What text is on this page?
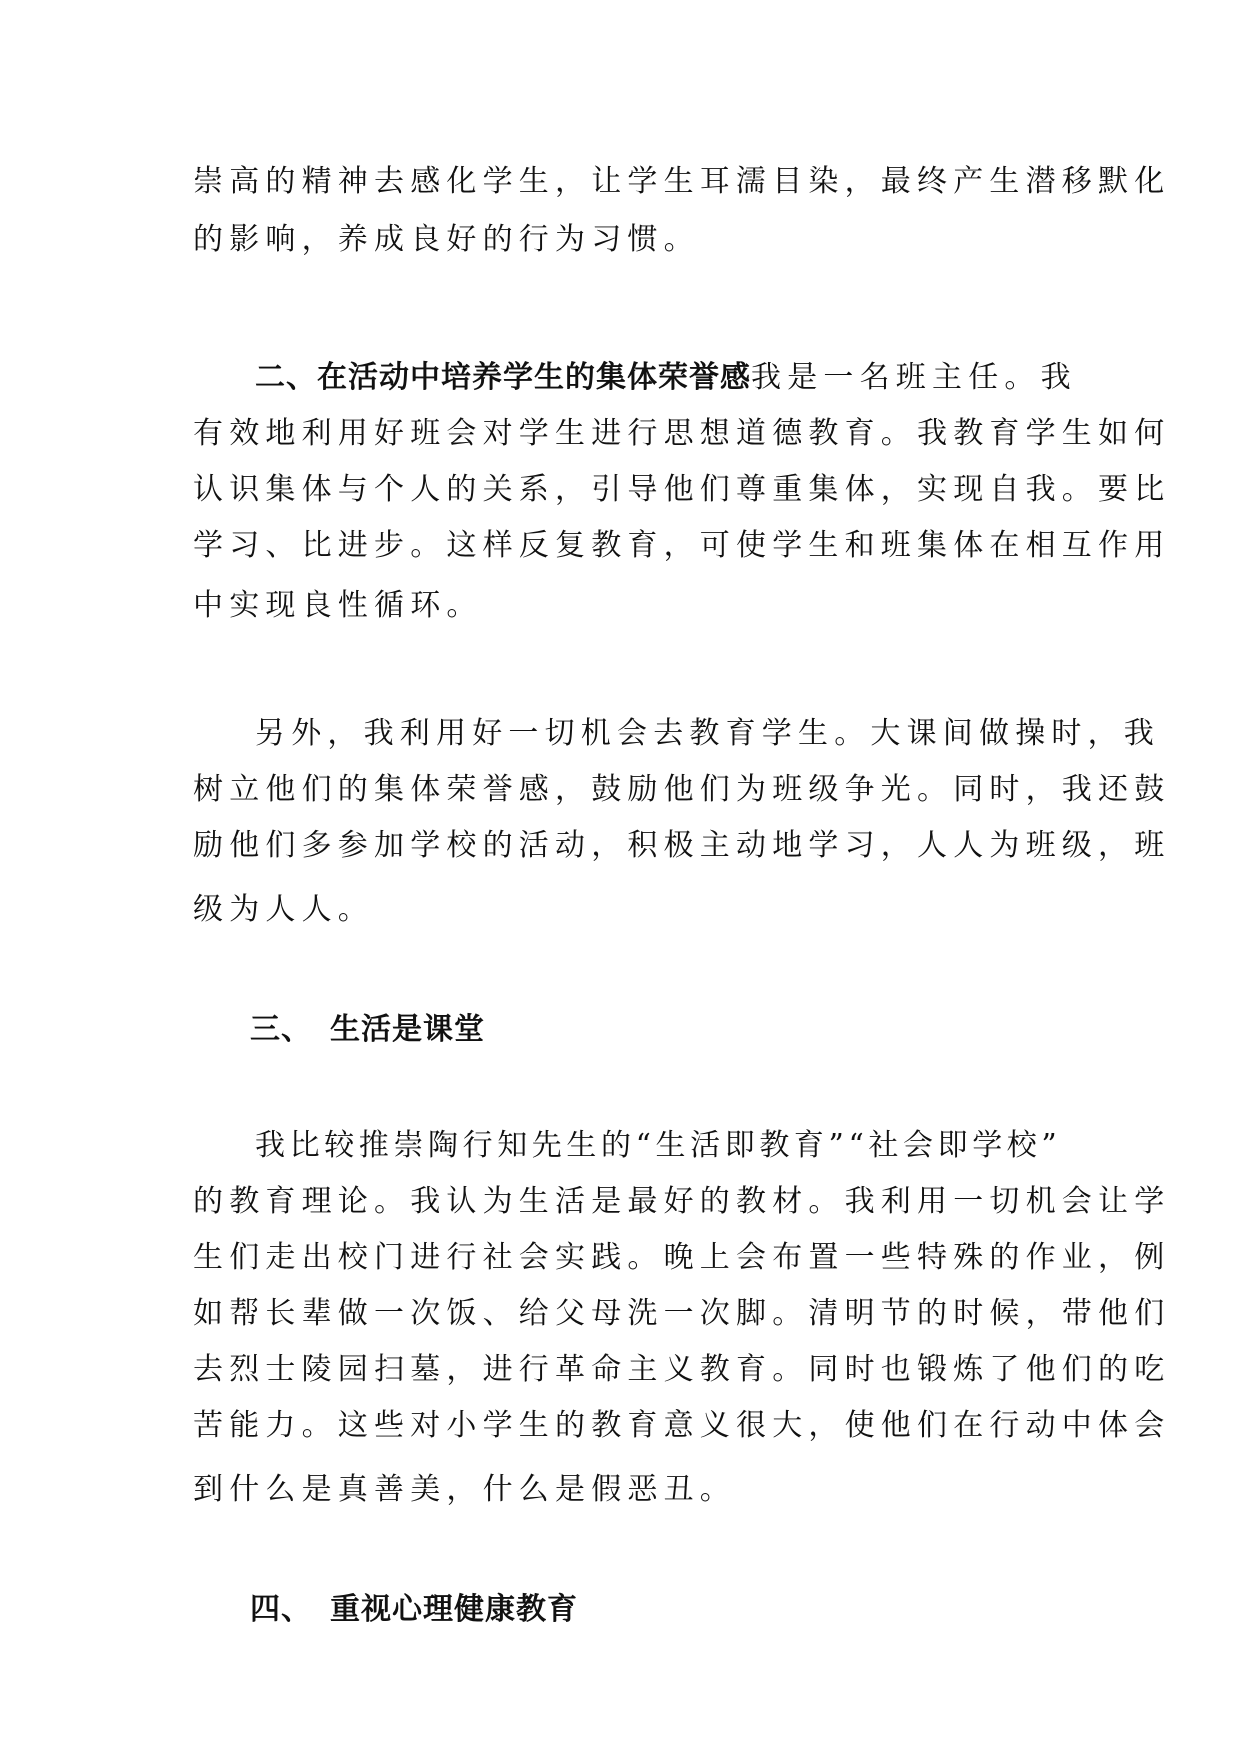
崇高的精神去感化学生，让学生耳濡目染，最终产生潜移默化
的影响，养成良好的行为习惯。
二、在活动中培养学生的集体荣誉感我是一名班主任。我
有效地利用好班会对学生进行思想道德教育。我教育学生如何
认识集体与个人的关系，引导他们尊重集体，实现自我。要比
学习、比进步。这样反复教育，可使学生和班集体在相互作用
中实现良性循环。
另外，我利用好一切机会去教育学生。大课间做操时，我
树立他们的集体荣誉感，鼓励他们为班级争光。同时，我还鼓
励他们多参加学校的活动，积极主动地学习，人人为班级，班
级为人人。
三、 生活是课堂
我比较推崇陶行知先生的“生活即教育”“社会即学校”
的教育理论。我认为生活是最好的教材。我利用一切机会让学
生们走出校门进行社会实践。晚上会布置一些特殊的作业，例
如帮长辈做一次饭、给父母洗一次脚。清明节的时候，带他们
去烈士陵园扫墓，进行革命主义教育。同时也锻炼了他们的吃
苦能力。这些对小学生的教育意义很大，使他们在行动中体会
到什么是真善美，什么是假恶丑。
四、 重视心理健康教育
